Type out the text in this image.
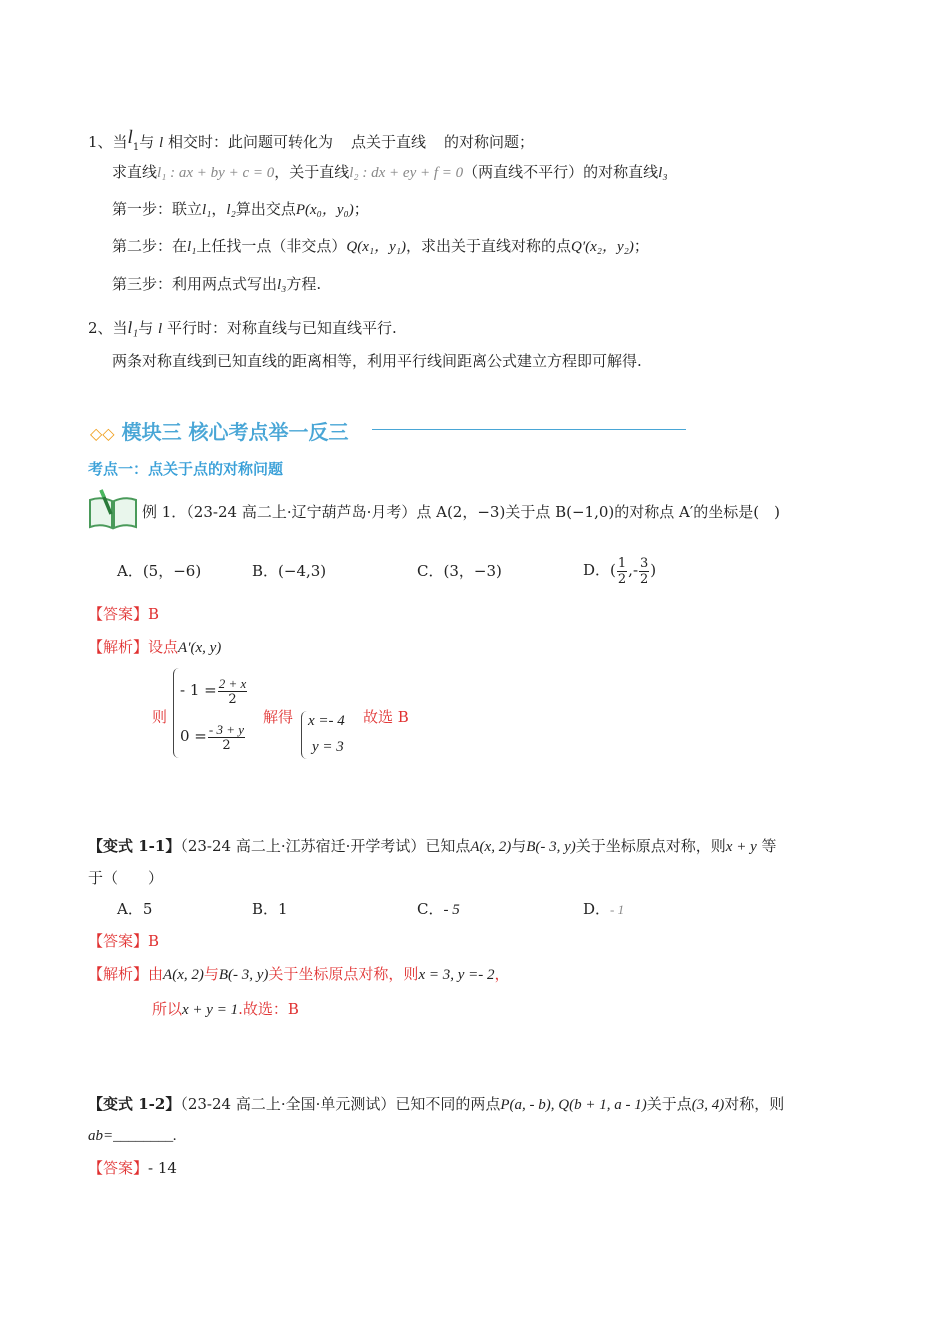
1、当$l_1$与 l 相交时：此问题可转化为 点关于直线 的对称问题；
求直线l₁ : ax + by + c = 0，关于直线l₂ : dx + ey + f = 0（两直线不平行）的对称直线l₃
第一步：联立l₁，l₂算出交点P(x₀，y₀)；
第二步：在l₁上任找一点（非交点）Q(x₁，y₁)，求出关于直线对称的点Q′(x₂，y₂)；
第三步：利用两点式写出l₃方程.
2、当l₁与 l 平行时：对称直线与已知直线平行.
两条对称直线到已知直线的距离相等，利用平行线间距离公式建立方程即可解得.
◇◇ 模块三 核心考点举一反三
考点一：点关于点的对称问题
例 1．（23-24 高二上·辽宁葫芦岛·月考）点 A(2，−3)关于点 B(−1,0)的对称点 A′的坐标是(　)
A．(5，−6)	B．(−4,3)	C．(3，−3)	D．( $\frac{1}{2}$ ,- $\frac{3}{2}$ )
【答案】B
【解析】设点A′(x, y)
则
- $1 = \frac{2 + x}{2}$
$0 = \frac{- 3 + y}{2}$
解得 x =- 4
y = 3
故选 B
【变式 1-1】（23-24 高二上·江苏宿迁·开学考试）已知点A(x, 2)与B(- 3, y)关于坐标原点对称，则x + y 等
于（　　）
A．5	B．1	C．- 5	D．- 1
【答案】B
【解析】由A(x, 2)与B(- 3, y)关于坐标原点对称，则x = 3, y =- 2，
所以x + y = 1.故选：B
【变式 1-2】（23-24 高二上·全国·单元测试）已知不同的两点P(a, - b), Q(b + 1, a - 1)关于点(3, 4)对称，则
ab=________.
【答案】- 14
